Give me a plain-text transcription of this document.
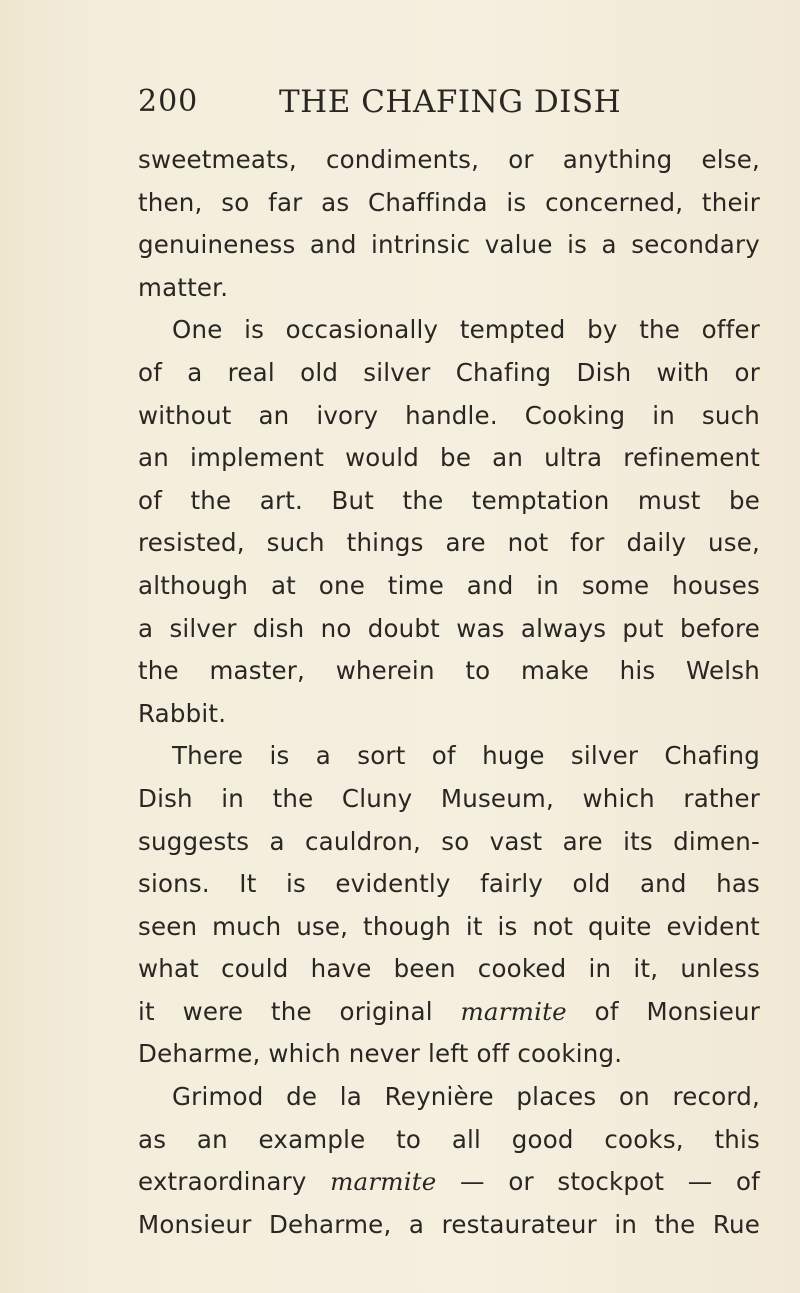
200	THE CHAFING DISH
sweetmeats, condiments, or anything else,
then, so far as Chaffinda is concerned, their
genuineness and intrinsic value is a secondary
matter.
One is occasionally tempted by the offer
of a real old silver Chafing Dish with or
without an ivory handle. Cooking in such
an implement would be an ultra refinement
of the art. But the temptation must be
resisted, such things are not for daily use,
although at one time and in some houses
a silver dish no doubt was always put before
the master, wherein to make his Welsh
Rabbit.
There is a sort of huge silver Chafing
Dish in the Cluny Museum, which rather
suggests a cauldron, so vast are its dimen-
sions. It is evidently fairly old and has
seen much use, though it is not quite evident
what could have been cooked in it, unless
it were the original marmite of Monsieur
Deharme, which never left off cooking.
Grimod de la Reynière places on record,
as an example to all good cooks, this
extraordinary marmite — or stockpot — of
Monsieur Deharme, a restaurateur in the Rue
